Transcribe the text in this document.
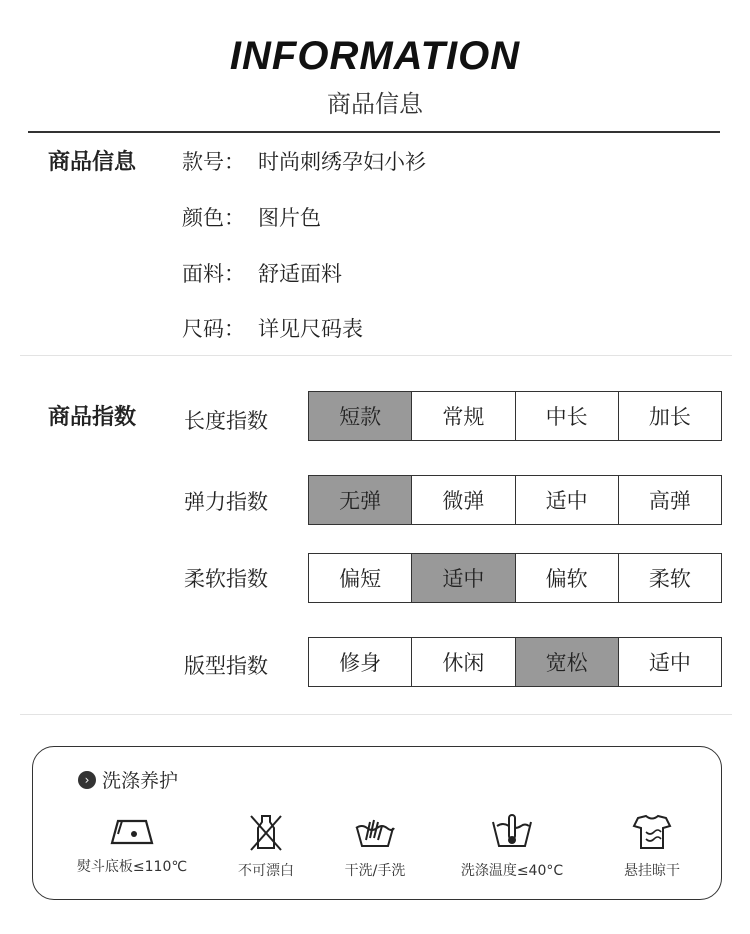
INFORMATION
商品信息
商品信息 款号： 时尚刺绣孕妇小衫
颜色： 图片色
面料： 舒适面料
尺码： 详见尺码表
商品指数 长度指数	短款	常规	中长	加长
弹力指数	无弹	微弹	适中	高弹
柔软指数	偏短	适中	偏软	柔软
版型指数	修身	休闲	宽松	适中
› 洗涤养护
熨斗底板≤110℃	不可漂白	干洗/手洗	洗涤温度≤40°C	悬挂晾干
